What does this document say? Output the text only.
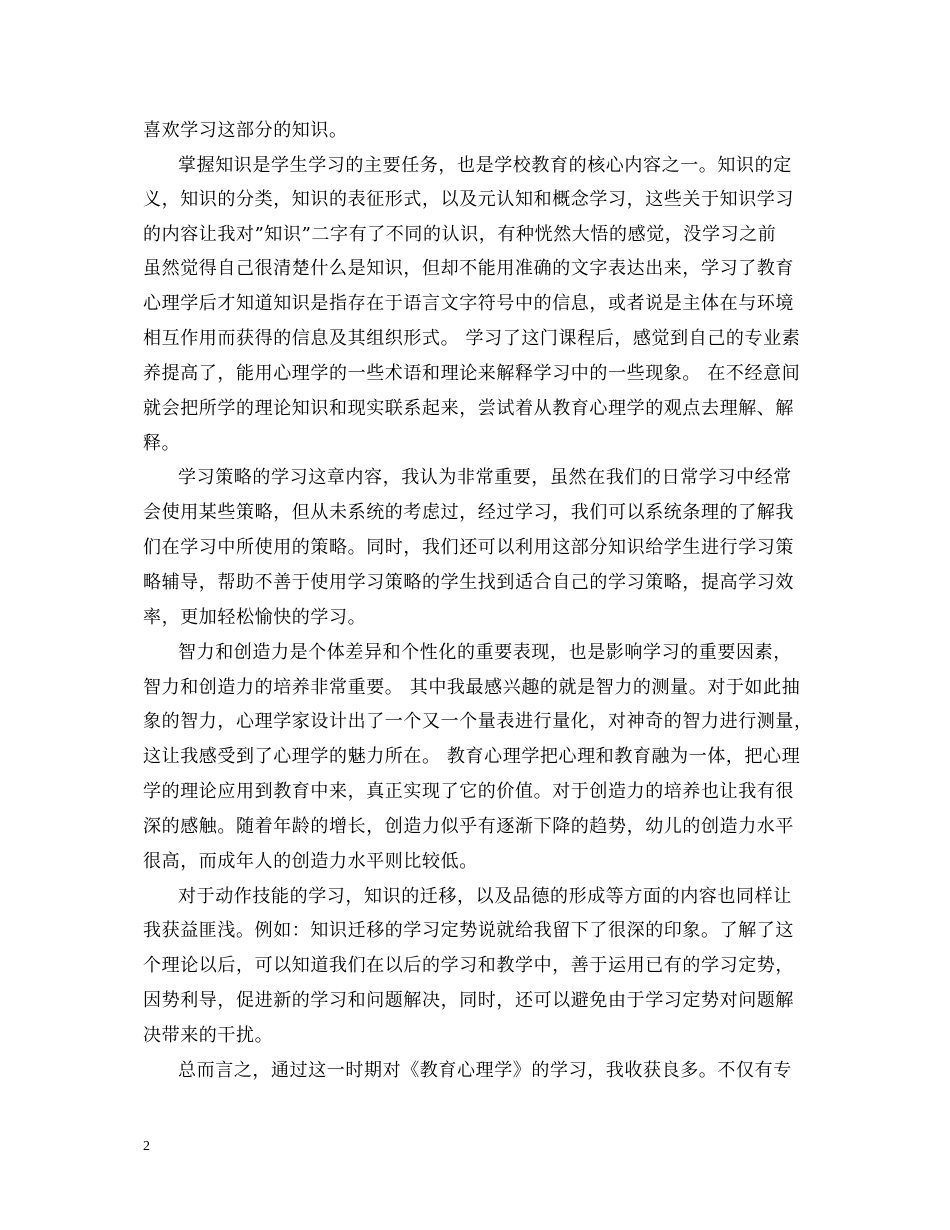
喜欢学习这部分的知识。
掌握知识是学生学习的主要任务，也是学校教育的核心内容之一。知识的定
义，知识的分类，知识的表征形式，以及元认知和概念学习，这些关于知识学习
的内容让我对”知识”二字有了不同的认识，有种恍然大悟的感觉，没学习之前
虽然觉得自己很清楚什么是知识，但却不能用准确的文字表达出来，学习了教育
心理学后才知道知识是指存在于语言文字符号中的信息，或者说是主体在与环境
相互作用而获得的信息及其组织形式。 学习了这门课程后，感觉到自己的专业素
养提高了，能用心理学的一些术语和理论来解释学习中的一些现象。 在不经意间
就会把所学的理论知识和现实联系起来，尝试着从教育心理学的观点去理解、解
释。
学习策略的学习这章内容，我认为非常重要，虽然在我们的日常学习中经常
会使用某些策略，但从未系统的考虑过，经过学习，我们可以系统条理的了解我
们在学习中所使用的策略。同时，我们还可以利用这部分知识给学生进行学习策
略辅导，帮助不善于使用学习策略的学生找到适合自己的学习策略，提高学习效
率，更加轻松愉快的学习。
智力和创造力是个体差异和个性化的重要表现，也是影响学习的重要因素，
智力和创造力的培养非常重要。 其中我最感兴趣的就是智力的测量。对于如此抽
象的智力，心理学家设计出了一个又一个量表进行量化，对神奇的智力进行测量，
这让我感受到了心理学的魅力所在。 教育心理学把心理和教育融为一体，把心理
学的理论应用到教育中来，真正实现了它的价值。对于创造力的培养也让我有很
深的感触。随着年龄的增长，创造力似乎有逐渐下降的趋势，幼儿的创造力水平
很高，而成年人的创造力水平则比较低。
对于动作技能的学习，知识的迁移，以及品德的形成等方面的内容也同样让
我获益匪浅。例如：知识迁移的学习定势说就给我留下了很深的印象。了解了这
个理论以后，可以知道我们在以后的学习和教学中，善于运用已有的学习定势，
因势利导，促进新的学习和问题解决，同时，还可以避免由于学习定势对问题解
决带来的干扰。
总而言之，通过这一时期对《教育心理学》的学习，我收获良多。不仅有专
2
